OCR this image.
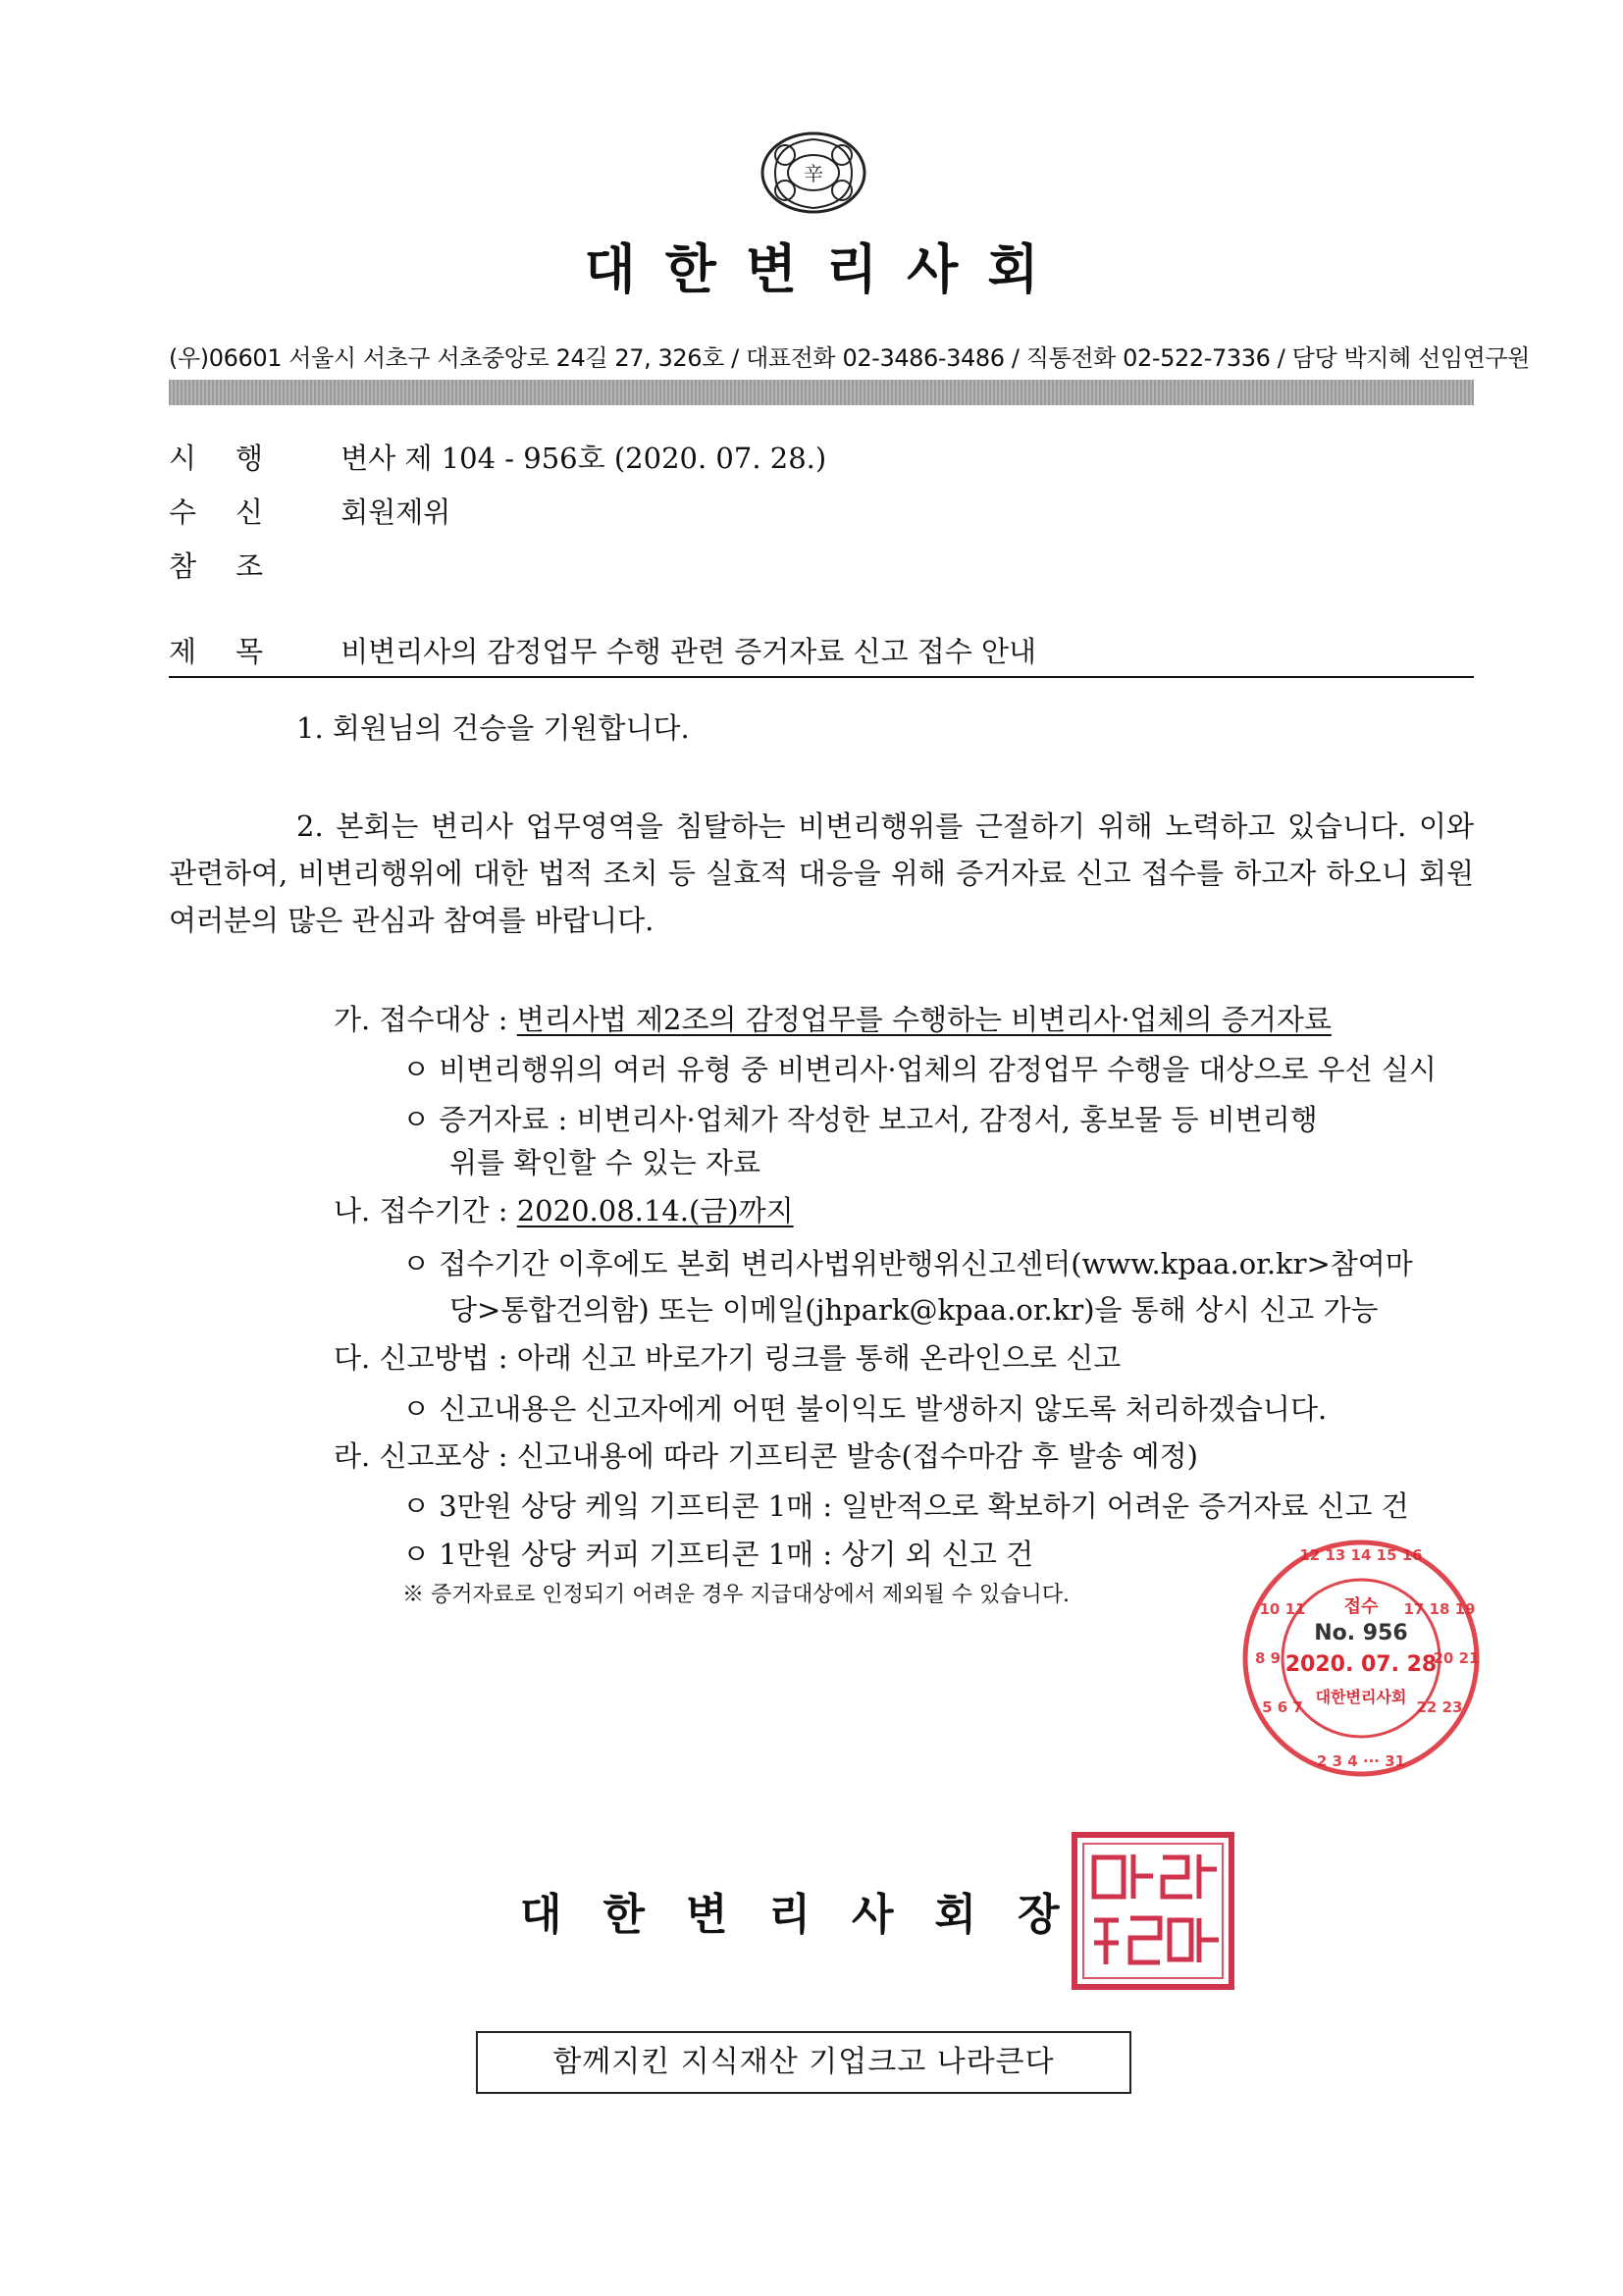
辛
대한변리사회
(우)06601 서울시 서초구 서초중앙로 24길 27, 326호 / 대표전화 02-3486-3486 / 직통전화 02-522-7336 / 담당 박지혜 선임연구원
시행 변사 제 104 - 956호 (2020. 07. 28.)
수신 회원제위
참조
제목 비변리사의 감정업무 수행 관련 증거자료 신고 접수 안내

1. 회원님의 건승을 기원합니다.

2. 본회는 변리사 업무영역을 침탈하는 비변리행위를 근절하기 위해 노력하고 있습니다. 이와 관련하여, 비변리행위에 대한 법적 조치 등 실효적 대응을 위해 증거자료 신고 접수를 하고자 하오니 회원 여러분의 많은 관심과 참여를 바랍니다.

가. 접수대상 : 변리사법 제2조의 감정업무를 수행하는 비변리사·업체의 증거자료
ㅇ 비변리행위의 여러 유형 중 비변리사·업체의 감정업무 수행을 대상으로 우선 실시
ㅇ 증거자료 : 비변리사·업체가 작성한 보고서, 감정서, 홍보물 등 비변리행
위를 확인할 수 있는 자료
나. 접수기간 : 2020.08.14.(금)까지
ㅇ 접수기간 이후에도 본회 변리사법위반행위신고센터(www.kpaa.or.kr>참여마
당>통합건의함) 또는 이메일(jhpark@kpaa.or.kr)을 통해 상시 신고 가능
다. 신고방법 : 아래 신고 바로가기 링크를 통해 온라인으로 신고
ㅇ 신고내용은 신고자에게 어떤 불이익도 발생하지 않도록 처리하겠습니다.
라. 신고포상 : 신고내용에 따라 기프티콘 발송(접수마감 후 발송 예정)
ㅇ 3만원 상당 케잌 기프티콘 1매 : 일반적으로 확보하기 어려운 증거자료 신고 건
ㅇ 1만원 상당 커피 기프티콘 1매 : 상기 외 신고 건
※ 증거자료로 인정되기 어려운 경우 지급대상에서 제외될 수 있습니다.
12 13 14 15 16
10 11	17 18 19
8 9	20 21
5 6 7	22 23
2 3 4 ··· 31
접수
No. 956
2020. 07. 28
대한변리사회
대한변리사회장
함께지킨 지식재산 기업크고 나라큰다
